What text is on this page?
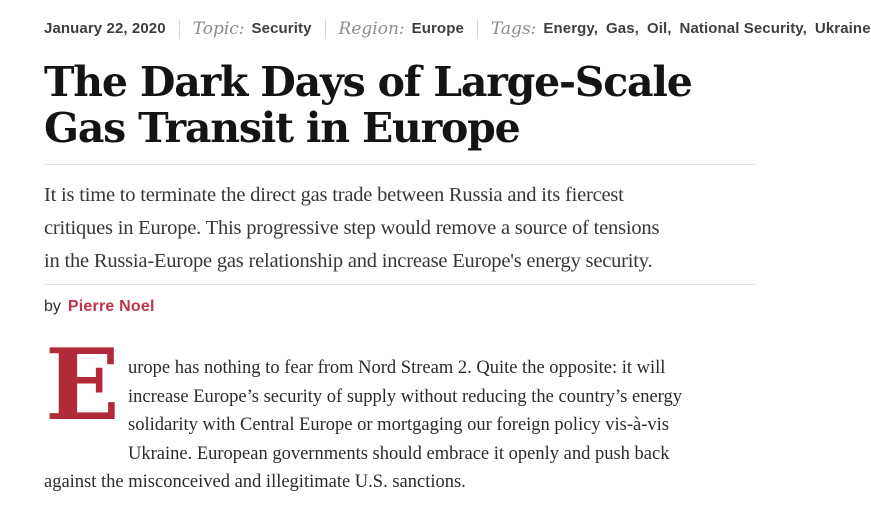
January 22, 2020 Topic: Security Region: Europe Tags: Energy, Gas, Oil, National Security, Ukraine
The Dark Days of Large-Scale
Gas Transit in Europe
It is time to terminate the direct gas trade between Russia and its fiercest
critiques in Europe. This progressive step would remove a source of tensions
in the Russia-Europe gas relationship and increase Europe's energy security.
by Pierre Noel
E urope has nothing to fear from Nord Stream 2. Quite the opposite: it will
increase Europe’s security of supply without reducing the country’s energy
solidarity with Central Europe or mortgaging our foreign policy vis-à-vis
Ukraine. European governments should embrace it openly and push back
against the misconceived and illegitimate U.S. sanctions.
